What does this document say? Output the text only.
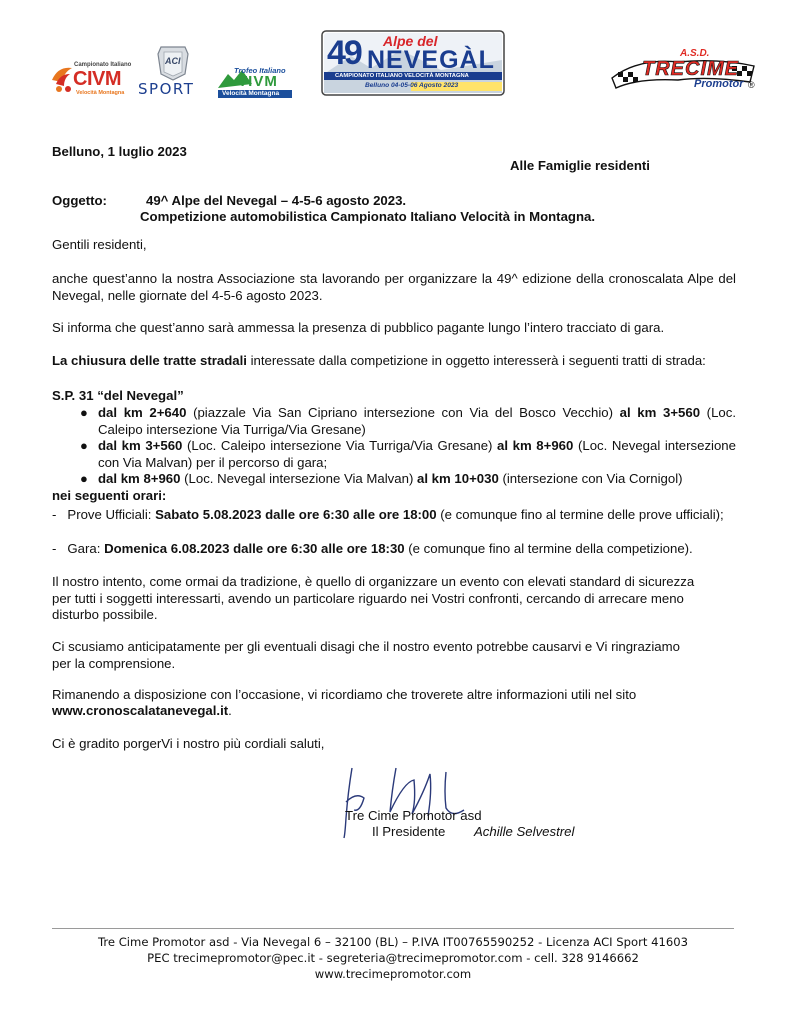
Campionato Italiano
CIVM
Velocità Montagna
ACI
SPORT
Trofeo Italiano
TIVM
Velocità Montagna
Alpe del
49 NEVEGÀL
CAMPIONATO ITALIANO VELOCITÀ MONTAGNA
Belluno 04-05-06 Agosto 2023
A.S.D.
TRECIME
Promotor ®
Belluno, 1 luglio 2023
Alle Famiglie residenti
Oggetto:	49^ Alpe del Nevegal – 4-5-6 agosto 2023.
Competizione automobilistica Campionato Italiano Velocità in Montagna.
Gentili residenti,
anche quest’anno la nostra Associazione sta lavorando per organizzare la 49^ edizione della cronoscalata Alpe del Nevegal, nelle giornate del 4-5-6 agosto 2023.
Si informa che quest’anno sarà ammessa la presenza di pubblico pagante lungo l’intero tracciato di gara.
La chiusura delle tratte stradali interessate dalla competizione in oggetto interesserà i seguenti tratti di strada:
S.P. 31 “del Nevegal”
● dal km 2+640 (piazzale Via San Cipriano intersezione con Via del Bosco Vecchio) al km 3+560 (Loc. Caleipo intersezione Via Turriga/Via Gresane)
● dal km 3+560 (Loc. Caleipo intersezione Via Turriga/Via Gresane) al km 8+960 (Loc. Nevegal intersezione con Via Malvan) per il percorso di gara;
● dal km 8+960 (Loc. Nevegal intersezione Via Malvan) al km 10+030 (intersezione con Via Cornigol)
nei seguenti orari:
- Prove Ufficiali: Sabato 5.08.2023 dalle ore 6:30 alle ore 18:00 (e comunque fino al termine delle prove ufficiali);
- Gara: Domenica 6.08.2023 dalle ore 6:30 alle ore 18:30 (e comunque fino al termine della competizione).
Il nostro intento, come ormai da tradizione, è quello di organizzare un evento con elevati standard di sicurezza per tutti i soggetti interessarti, avendo un particolare riguardo nei Vostri confronti, cercando di arrecare meno disturbo possibile.
Ci scusiamo anticipatamente per gli eventuali disagi che il nostro evento potrebbe causarvi e Vi ringraziamo per la comprensione.
Rimanendo a disposizione con l’occasione, vi ricordiamo che troverete altre informazioni utili nel sito
www.cronoscalatanevegal.it.
Ci è gradito porgerVi i nostro più cordiali saluti,
Tre Cime Promotor asd
Il Presidente Achille Selvestrel
Tre Cime Promotor asd - Via Nevegal 6 – 32100 (BL) – P.IVA IT00765590252 - Licenza ACI Sport 41603
PEC trecimepromotor@pec.it - segreteria@trecimepromotor.com - cell. 328 9146662
www.trecimepromotor.com
